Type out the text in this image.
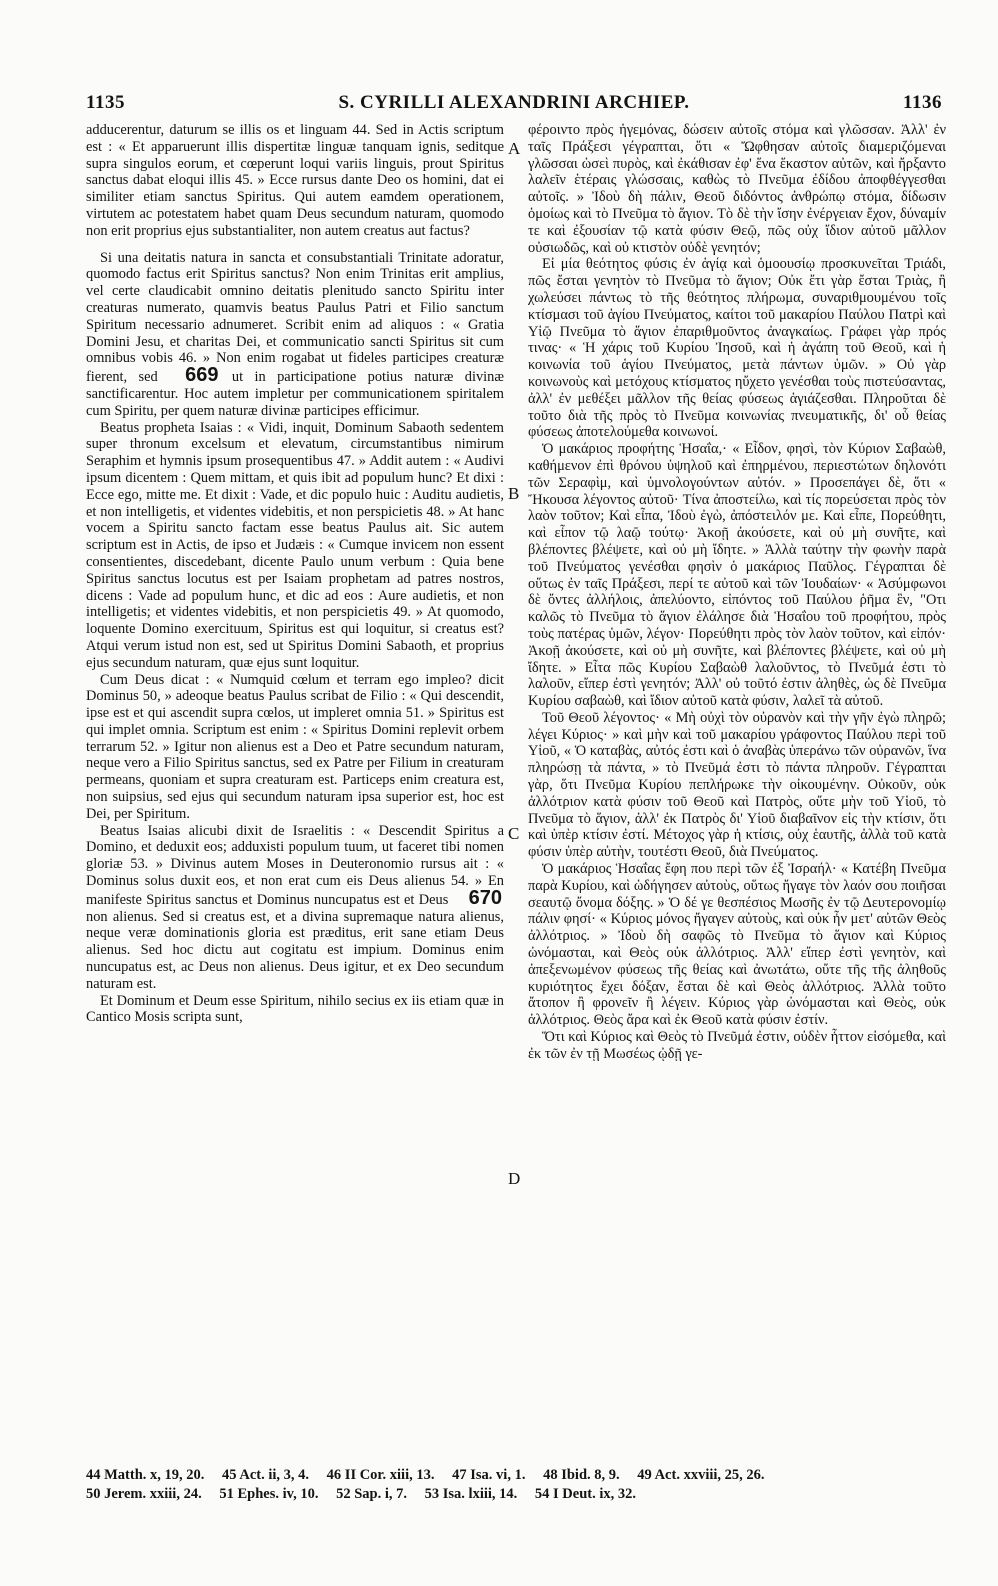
1135	S. CYRILLI ALEXANDRINI ARCHIEP.	1136
A
B
C
D

adducerentur, daturum se illis os et linguam 44. Sed in Actis scriptum est : « Et apparuerunt illis dispertitæ linguæ tanquam ignis, seditque supra singulos eorum, et cœperunt loqui variis linguis, prout Spiritus sanctus dabat eloqui illis 45. » Ecce rursus dante Deo os homini, dat ei similiter etiam sanctus Spiritus. Qui autem eamdem operationem, virtutem ac potestatem habet quam Deus secundum naturam, quomodo non erit proprius ejus substantialiter, non autem creatus aut factus?

Si una deitatis natura in sancta et consubstantiali Trinitate adoratur, quomodo factus erit Spiritus sanctus? Non enim Trinitas erit amplius, vel certe claudicabit omnino deitatis plenitudo sancto Spiritu inter creaturas numerato, quamvis beatus Paulus Patri et Filio sanctum Spiritum necessario adnumeret. Scribit enim ad aliquos : « Gratia Domini Jesu, et charitas Dei, et communicatio sancti Spiritus sit cum omnibus vobis 46. » Non enim rogabat ut fideles participes creaturæ fierent, sed 669 ut in participatione potius naturæ divinæ sanctificarentur. Hoc autem impletur per communicationem spiritalem cum Spiritu, per quem naturæ divinæ participes efficimur.

Beatus propheta Isaias : « Vidi, inquit, Dominum Sabaoth sedentem super thronum excelsum et elevatum, circumstantibus nimirum Seraphim et hymnis ipsum prosequentibus 47. » Addit autem : « Audivi ipsum dicentem : Quem mittam, et quis ibit ad populum hunc? Et dixi : Ecce ego, mitte me. Et dixit : Vade, et dic populo huic : Auditu audietis, et non intelligetis, et videntes videbitis, et non perspicietis 48. » At hanc vocem a Spiritu sancto factam esse beatus Paulus ait. Sic autem scriptum est in Actis, de ipso et Judæis : « Cumque invicem non essent consentientes, discedebant, dicente Paulo unum verbum : Quia bene Spiritus sanctus locutus est per Isaiam prophetam ad patres nostros, dicens : Vade ad populum hunc, et dic ad eos : Aure audietis, et non intelligetis; et videntes videbitis, et non perspicietis 49. » At quomodo, loquente Domino exercituum, Spiritus est qui loquitur, si creatus est? Atqui verum istud non est, sed ut Spiritus Domini Sabaoth, et proprius ejus secundum naturam, quæ ejus sunt loquitur.

Cum Deus dicat : « Numquid cœlum et terram ego impleo? dicit Dominus 50, » adeoque beatus Paulus scribat de Filio : « Qui descendit, ipse est et qui ascendit supra cœlos, ut impleret omnia 51. » Spiritus est qui implet omnia. Scriptum est enim : « Spiritus Domini replevit orbem terrarum 52. » Igitur non alienus est a Deo et Patre secundum naturam, neque vero a Filio Spiritus sanctus, sed ex Patre per Filium in creaturam permeans, quoniam et supra creaturam est. Particeps enim creatura est, non suipsius, sed ejus qui secundum naturam ipsa superior est, hoc est Dei, per Spiritum.

Beatus Isaias alicubi dixit de Israelitis : « Descendit Spiritus a Domino, et deduxit eos; adduxisti populum tuum, ut faceret tibi nomen gloriæ 53. » Divinus autem Moses in Deuteronomio rursus ait : « Dominus solus duxit eos, et non erat cum eis Deus alienus 54. » En manifeste Spiritus sanctus et Dominus nuncupatus est et Deus 670 non alienus. Sed si creatus est, et a divina supremaque natura alienus, neque veræ dominationis gloria est præditus, erit sane etiam Deus alienus. Sed hoc dictu aut cogitatu est impium. Dominus enim nuncupatus est, ac Deus non alienus. Deus igitur, et ex Deo secundum naturam est.

Et Dominum et Deum esse Spiritum, nihilo secius ex iis etiam quæ in Cantico Mosis scripta sunt,

φέροιντο πρὸς ἡγεμόνας, δώσειν αὐτοῖς στόμα καὶ γλῶσσαν. Ἀλλ' ἐν ταῖς Πράξεσι γέγραπται, ὅτι « Ὤφθησαν αὐτοῖς διαμεριζόμεναι γλῶσσαι ὡσεὶ πυρὸς, καὶ ἐκάθισαν ἐφ' ἕνα ἕκαστον αὐτῶν, καὶ ἤρξαντο λαλεῖν ἑτέραις γλώσσαις, καθὼς τὸ Πνεῦμα ἐδίδου ἀποφθέγγεσθαι αὐτοῖς. » Ἰδοὺ δὴ πάλιν, Θεοῦ διδόντος ἀνθρώπῳ στόμα, δίδωσιν ὁμοίως καὶ τὸ Πνεῦμα τὸ ἅγιον. Τὸ δὲ τὴν ἴσην ἐνέργειαν ἔχον, δύναμίν τε καὶ ἐξουσίαν τῷ κατὰ φύσιν Θεῷ, πῶς οὐχ ἴδιον αὐτοῦ μᾶλλον οὐσιωδῶς, καὶ οὐ κτιστὸν οὐδὲ γενητόν;

Εἰ μία θεότητος φύσις ἐν ἁγίᾳ καὶ ὁμοουσίῳ προσκυνεῖται Τριάδι, πῶς ἔσται γενητὸν τὸ Πνεῦμα τὸ ἅγιον; Οὐκ ἔτι γὰρ ἔσται Τριὰς, ἢ χωλεύσει πάντως τὸ τῆς θεότητος πλήρωμα, συναριθμουμένου τοῖς κτίσμασι τοῦ ἁγίου Πνεύματος, καίτοι τοῦ μακαρίου Παύλου Πατρὶ καὶ Υἱῷ Πνεῦμα τὸ ἅγιον ἐπαριθμοῦντος ἀναγκαίως. Γράφει γὰρ πρός τινας· « Ἡ χάρις τοῦ Κυρίου Ἰησοῦ, καὶ ἡ ἀγάπη τοῦ Θεοῦ, καὶ ἡ κοινωνία τοῦ ἁγίου Πνεύματος, μετὰ πάντων ὑμῶν. » Οὐ γὰρ κοινωνοὺς καὶ μετόχους κτίσματος ηὔχετο γενέσθαι τοὺς πιστεύσαντας, ἀλλ' ἐν μεθέξει μᾶλλον τῆς θείας φύσεως ἁγιάζεσθαι. Πληροῦται δὲ τοῦτο διὰ τῆς πρὸς τὸ Πνεῦμα κοινωνίας πνευματικῆς, δι' οὗ θείας φύσεως ἀποτελούμεθα κοινωνοί.

Ὁ μακάριος προφήτης Ἡσαΐα,· « Εἶδον, φησὶ, τὸν Κύριον Σαβαὼθ, καθήμενον ἐπὶ θρόνου ὑψηλοῦ καὶ ἐπηρμένου, περιεστώτων δηλονότι τῶν Σεραφὶμ, καὶ ὑμνολογούντων αὐτόν. » Προσεπάγει δὲ, ὅτι « Ἤκουσα λέγοντος αὐτοῦ· Τίνα ἀποστείλω, καὶ τίς πορεύσεται πρὸς τὸν λαὸν τοῦτον; Καὶ εἶπα, Ἰδοὺ ἐγὼ, ἀπόστειλόν με. Καὶ εἶπε, Πορεύθητι, καὶ εἶπον τῷ λαῷ τούτῳ· Ἀκοῇ ἀκούσετε, καὶ οὐ μὴ συνῆτε, καὶ βλέποντες βλέψετε, καὶ οὐ μὴ ἴδητε. » Ἀλλὰ ταύτην τὴν φωνὴν παρὰ τοῦ Πνεύματος γενέσθαι φησὶν ὁ μακάριος Παῦλος. Γέγραπται δὲ οὕτως ἐν ταῖς Πράξεσι, περί τε αὐτοῦ καὶ τῶν Ἰουδαίων· « Ἀσύμφωνοι δὲ ὄντες ἀλλήλοις, ἀπελύοντο, εἰπόντος τοῦ Παύλου ῥῆμα ἓν, "Οτι καλῶς τὸ Πνεῦμα τὸ ἅγιον ἐλάλησε διὰ Ἡσαΐου τοῦ προφήτου, πρὸς τοὺς πατέρας ὑμῶν, λέγον· Πορεύθητι πρὸς τὸν λαὸν τοῦτον, καὶ εἰπόν· Ἀκοῇ ἀκούσετε, καὶ οὐ μὴ συνῆτε, καὶ βλέποντες βλέψετε, καὶ οὐ μὴ ἴδητε. » Εἶτα πῶς Κυρίου Σαβαὼθ λαλοῦντος, τὸ Πνεῦμά ἐστι τὸ λαλοῦν, εἴπερ ἐστὶ γενητόν; Ἀλλ' οὐ τοῦτό ἐστιν ἀληθὲς, ὡς δὲ Πνεῦμα Κυρίου σαβαὼθ, καὶ ἴδιον αὐτοῦ κατὰ φύσιν, λαλεῖ τὰ αὐτοῦ.

Τοῦ Θεοῦ λέγοντος· « Μὴ οὐχὶ τὸν οὐρανὸν καὶ τὴν γῆν ἐγὼ πληρῶ; λέγει Κύριος· » καὶ μὴν καὶ τοῦ μακαρίου γράφοντος Παύλου περὶ τοῦ Υἱοῦ, « Ὁ καταβὰς, αὐτός ἐστι καὶ ὁ ἀναβὰς ὑπεράνω τῶν οὐρανῶν, ἵνα πληρώσῃ τὰ πάντα, » τὸ Πνεῦμά ἐστι τὸ πάντα πληροῦν. Γέγραπται γὰρ, ὅτι Πνεῦμα Κυρίου πεπλήρωκε τὴν οἰκουμένην. Οὐκοῦν, οὐκ ἀλλότριον κατὰ φύσιν τοῦ Θεοῦ καὶ Πατρὸς, οὔτε μὴν τοῦ Υἱοῦ, τὸ Πνεῦμα τὸ ἅγιον, ἀλλ' ἐκ Πατρὸς δι' Υἱοῦ διαβαῖνον εἰς τὴν κτίσιν, ὅτι καὶ ὑπὲρ κτίσιν ἐστί. Μέτοχος γὰρ ἡ κτίσις, οὐχ ἑαυτῆς, ἀλλὰ τοῦ κατὰ φύσιν ὑπὲρ αὐτὴν, τουτέστι Θεοῦ, διὰ Πνεύματος.

Ὁ μακάριος Ἡσαΐας ἔφη που περὶ τῶν ἐξ Ἰσραήλ· « Κατέβη Πνεῦμα παρὰ Κυρίου, καὶ ὡδήγησεν αὐτοὺς, οὕτως ἤγαγε τὸν λαόν σου ποιῆσαι σεαυτῷ ὄνομα δόξης. » Ὁ δέ γε θεσπέσιος Μωσῆς ἐν τῷ Δευτερονομίῳ πάλιν φησί· « Κύριος μόνος ἤγαγεν αὐτοὺς, καὶ οὐκ ἦν μετ' αὐτῶν Θεὸς ἀλλότριος. » Ἰδοὺ δὴ σαφῶς τὸ Πνεῦμα τὸ ἅγιον καὶ Κύριος ὠνόμασται, καὶ Θεὸς οὐκ ἀλλότριος. Ἀλλ' εἴπερ ἐστὶ γενητὸν, καὶ ἀπεξενωμένον φύσεως τῆς θείας καὶ ἀνωτάτω, οὔτε τῆς τῆς ἀληθοῦς κυριότητος ἔχει δόξαν, ἔσται δὲ καὶ Θεὸς ἀλλότριος. Ἀλλὰ τοῦτο ἄτοπον ἢ φρονεῖν ἢ λέγειν. Κύριος γὰρ ὠνόμασται καὶ Θεὸς, οὐκ ἀλλότριος. Θεὸς ἄρα καὶ ἐκ Θεοῦ κατὰ φύσιν ἐστίν.

Ὅτι καὶ Κύριος καὶ Θεὸς τὸ Πνεῦμά ἐστιν, οὐδὲν ἧττον εἰσόμεθα, καὶ ἐκ τῶν ἐν τῇ Μωσέως ᾠδῇ γε-

44 Matth. x, 19, 20. 45 Act. ii, 3, 4. 46 II Cor. xiii, 13. 47 Isa. vi, 1. 48 Ibid. 8, 9. 49 Act. xxviii, 25, 26.
50 Jerem. xxiii, 24. 51 Ephes. iv, 10. 52 Sap. i, 7. 53 Isa. lxiii, 14. 54 I Deut. ix, 32.
